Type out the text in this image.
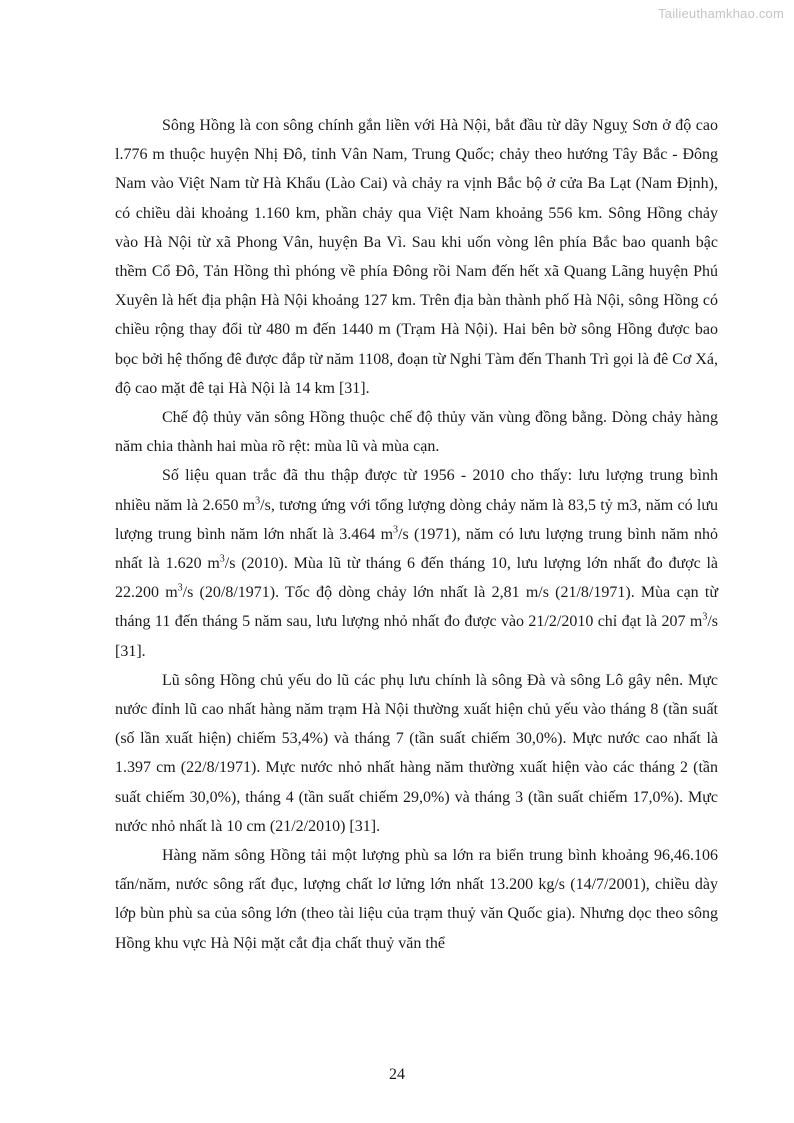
Tailieuthamkhao.com

Sông Hồng là con sông chính gắn liền với Hà Nội, bắt đầu từ dãy Nguỵ Sơn ở độ cao l.776 m thuộc huyện Nhị Đô, tỉnh Vân Nam, Trung Quốc; chảy theo hướng Tây Bắc - Đông Nam vào Việt Nam từ Hà Khẩu (Lào Cai) và chảy ra vịnh Bắc bộ ở cửa Ba Lạt (Nam Định), có chiều dài khoảng 1.160 km, phần chảy qua Việt Nam khoảng 556 km. Sông Hồng chảy vào Hà Nội từ xã Phong Vân, huyện Ba Vì. Sau khi uốn vòng lên phía Bắc bao quanh bậc thềm Cổ Đô, Tản Hồng thì phóng về phía Đông rồi Nam đến hết xã Quang Lãng huyện Phú Xuyên là hết địa phận Hà Nội khoảng 127 km. Trên địa bàn thành phố Hà Nội, sông Hồng có chiều rộng thay đổi từ 480 m đến 1440 m (Trạm Hà Nội). Hai bên bờ sông Hồng được bao bọc bởi hệ thống đê được đắp từ năm 1108, đoạn từ Nghi Tàm đến Thanh Trì gọi là đê Cơ Xá, độ cao mặt đê tại Hà Nội là 14 km [31].

Chế độ thủy văn sông Hồng thuộc chế độ thủy văn vùng đồng bằng. Dòng chảy hàng năm chia thành hai mùa rõ rệt: mùa lũ và mùa cạn.

Số liệu quan trắc đã thu thập được từ 1956 - 2010 cho thấy: lưu lượng trung bình nhiều năm là 2.650 $m^3/s$, tương ứng với tổng lượng dòng chảy năm là 83,5 tỷ m3, năm có lưu lượng trung bình năm lớn nhất là 3.464 $m^3/s$ (1971), năm có lưu lượng trung bình năm nhỏ nhất là 1.620 $m^3/s$ (2010). Mùa lũ từ tháng 6 đến tháng 10, lưu lượng lớn nhất đo được là 22.200 $m^3/s$ (20/8/1971). Tốc độ dòng chảy lớn nhất là 2,81 m/s (21/8/1971). Mùa cạn từ tháng 11 đến tháng 5 năm sau, lưu lượng nhỏ nhất đo được vào 21/2/2010 chỉ đạt là 207 $m^3/s$ [31].

Lũ sông Hồng chủ yếu do lũ các phụ lưu chính là sông Đà và sông Lô gây nên. Mực nước đỉnh lũ cao nhất hàng năm trạm Hà Nội thường xuất hiện chủ yếu vào tháng 8 (tần suất (số lần xuất hiện) chiếm 53,4%) và tháng 7 (tần suất chiếm 30,0%). Mực nước cao nhất là 1.397 cm (22/8/1971). Mực nước nhỏ nhất hàng năm thường xuất hiện vào các tháng 2 (tần suất chiếm 30,0%), tháng 4 (tần suất chiếm 29,0%) và tháng 3 (tần suất chiếm 17,0%). Mực nước nhỏ nhất là 10 cm (21/2/2010) [31].

Hàng năm sông Hồng tải một lượng phù sa lớn ra biển trung bình khoảng 96,46.106 tấn/năm, nước sông rất đục, lượng chất lơ lửng lớn nhất 13.200 kg/s (14/7/2001), chiều dày lớp bùn phù sa của sông lớn (theo tài liệu của trạm thuỷ văn Quốc gia). Nhưng dọc theo sông Hồng khu vực Hà Nội mặt cắt địa chất thuỷ văn thể

24
